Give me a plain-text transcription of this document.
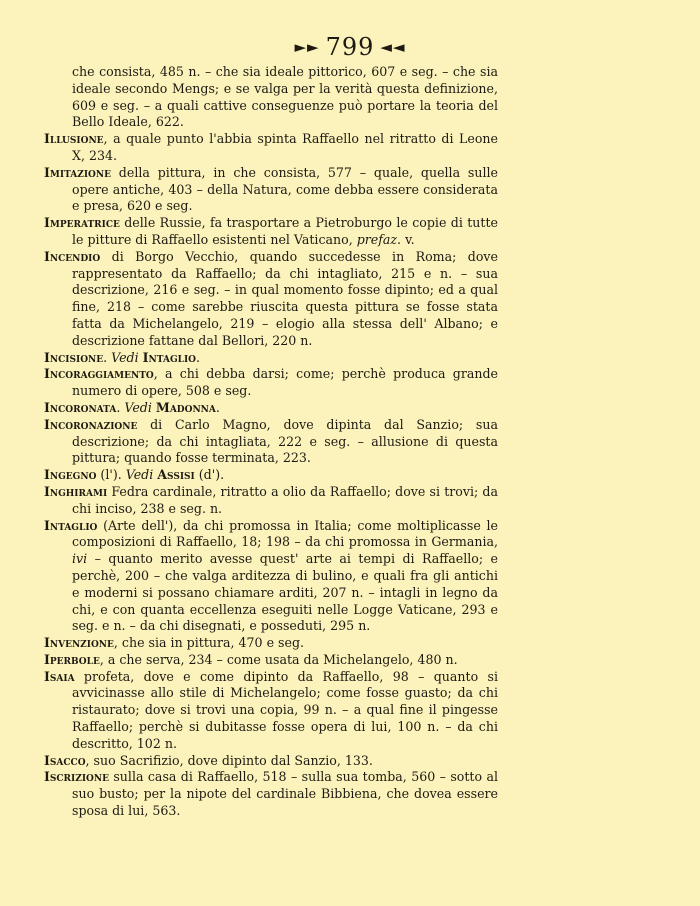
►► 799 ◄◄
che consista, 485 n. – che sia ideale pittorico, 607 e seg. – che sia ideale secondo Mengs; e se valga per la verità questa definizione, 609 e seg. – a quali cattive conseguenze può portare la teoria del Bello Ideale, 622.
Illusione, a quale punto l'abbia spinta Raffaello nel ritratto di Leone X, 234.
Imitazione della pittura, in che consista, 577 – quale, quella sulle opere antiche, 403 – della Natura, come debba essere considerata e presa, 620 e seg.
Imperatrice delle Russie, fa trasportare a Pietroburgo le copie di tutte le pitture di Raffaello esistenti nel Vaticano, prefaz. v.
Incendio di Borgo Vecchio, quando succedesse in Roma; dove rappresentato da Raffaello; da chi intagliato, 215 e n. – sua descrizione, 216 e seg. – in qual momento fosse dipinto; ed a qual fine, 218 – come sarebbe riuscita questa pittura se fosse stata fatta da Michelangelo, 219 – elogio alla stessa dell' Albano; e descrizione fattane dal Bellori, 220 n.
Incisione. Vedi Intaglio.
Incoraggiamento, a chi debba darsi; come; perchè produca grande numero di opere, 508 e seg.
Incoronata. Vedi Madonna.
Incoronazione di Carlo Magno, dove dipinta dal Sanzio; sua descrizione; da chi intagliata, 222 e seg. – allusione di questa pittura; quando fosse terminata, 223.
Ingegno (l'). Vedi Assisi (d').
Inghirami Fedra cardinale, ritratto a olio da Raffaello; dove si trovi; da chi inciso, 238 e seg. n.
Intaglio (Arte dell'), da chi promossa in Italia; come moltiplicasse le composizioni di Raffaello, 18; 198 – da chi promossa in Germania, ivi – quanto merito avesse quest' arte ai tempi di Raffaello; e perchè, 200 – che valga arditezza di bulino, e quali fra gli antichi e moderni si possano chiamare arditi, 207 n. – intagli in legno da chi, e con quanta eccellenza eseguiti nelle Logge Vaticane, 293 e seg. e n. – da chi disegnati, e posseduti, 295 n.
Invenzione, che sia in pittura, 470 e seg.
Iperbole, a che serva, 234 – come usata da Michelangelo, 480 n.
Isaia profeta, dove e come dipinto da Raffaello, 98 – quanto si avvicinasse allo stile di Michelangelo; come fosse guasto; da chi ristaurato; dove si trovi una copia, 99 n. – a qual fine il pingesse Raffaello; perchè si dubitasse fosse opera di lui, 100 n. – da chi descritto, 102 n.
Isacco, suo Sacrifizio, dove dipinto dal Sanzio, 133.
Iscrizione sulla casa di Raffaello, 518 – sulla sua tomba, 560 – sotto al suo busto; per la nipote del cardinale Bibbiena, che dovea essere sposa di lui, 563.
